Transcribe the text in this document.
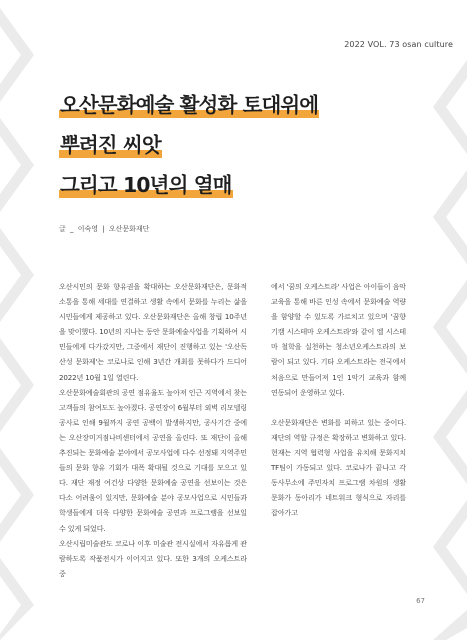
2022 VOL. 73 osan culture
오산문화예술 활성화 토대위에
뿌려진 씨앗
그리고 10년의 열매
글 _ 이숙영 | 오산문화재단

오산시민의 문화 향유권을 확대하는 오산문화재단은, 문화적 소통을 통해 세대를 연결하고 생활 속에서 문화를 누리는 삶을 시민들에게 제공하고 있다. 오산문화재단은 올해 창립 10주년을 맞이했다. 10년의 지나는 동안 문화예술사업을 기획하여 시민들에게 다가갔지만, 그중에서 재단이 진행하고 있는 '오산독산성 문화제'는 코로나로 인해 3년간 개최를 못하다가 드디어 2022년 10월 1일 열린다.

오산문화예술회관의 공연 점유율도 높아져 인근 지역에서 찾는 고객들의 참여도도 높아졌다. 공연장이 6월부터 외벽 리모델링 공사로 인해 9월까지 공연 공백이 발생하지만, 공사기간 중에는 오산장미거점나비센터에서 공연을 올린다. 또 재단이 올해 추진되는 문화예술 분야에서 공모사업에 다수 선정돼 지역주민들의 문화 향유 기회가 대폭 확대될 것으로 기대를 모으고 있다. 재단 재정 여건상 다양한 문화예술 공연을 선보이는 것은 다소 어려움이 있지만, 문화예술 분야 공모사업으로 시민들과 학생들에게 더욱 다양한 문화예술 공연과 프로그램을 선보일 수 있게 되었다.

오산시립미술관도 코로나 이후 미술관 전시실에서 자유롭게 관람하도록 작품전시가 이어지고 있다. 또한 3개의 오케스트라 중

에서 '꿈의 오케스트라' 사업은 아이들이 음악교육을 통해 바른 인성 속에서 문화예술 역량을 함양할 수 있도록 가르치고 있으며 '꿈향기캠 시스테마 오케스트라'와 같이 엘 시스테마 철학을 실천하는 청소년오케스트라의 보람이 되고 있다. 기타 오케스트라는 전국에서 처음으로 만들어져 1인 1악기 교육과 함께 연동되어 운영하고 있다.

오산문화재단은 변화를 피하고 있는 중이다. 재단의 역할 규정은 확장하고 변화하고 있다. 현재는 지역 협력형 사업을 유치해 문화지치TF팀이 가동되고 있다. 코로나가 끝나고 각 동사무소에 주민자치 프로그램 차원의 생활문화가 동아리가 네트워크 형식으로 자리를 잡아가고

67
